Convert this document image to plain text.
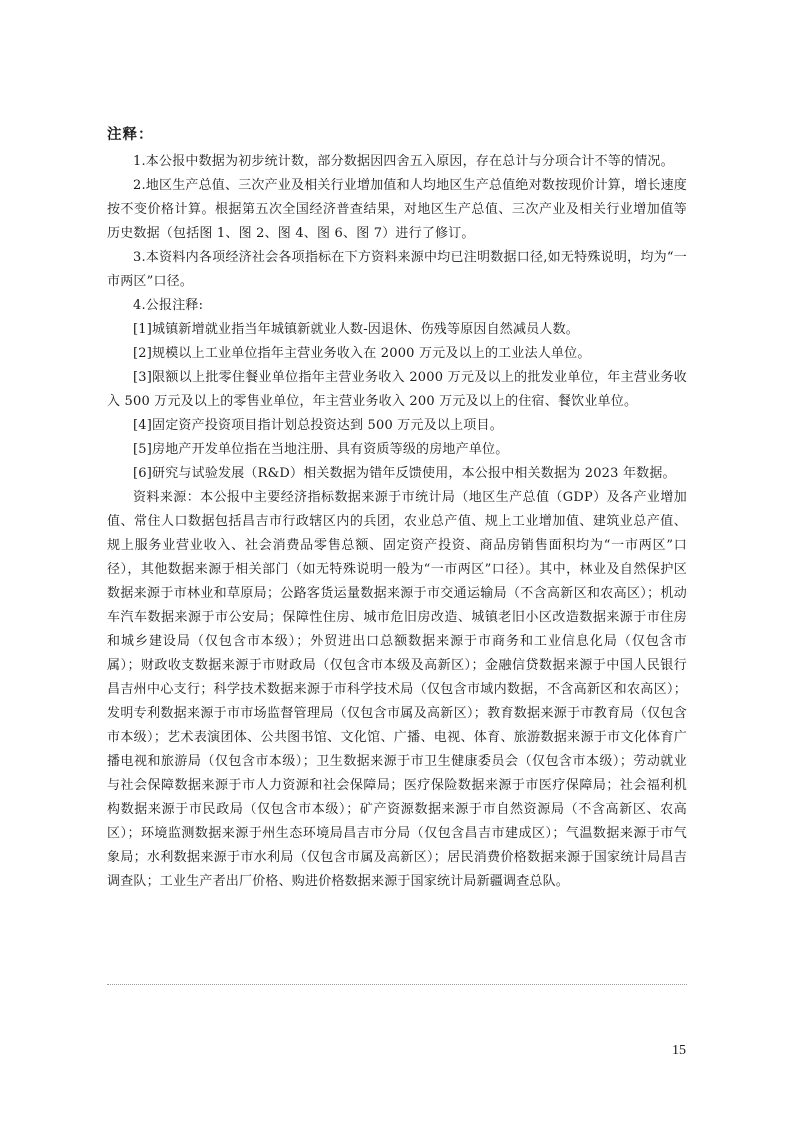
注释：

1.本公报中数据为初步统计数，部分数据因四舍五入原因，存在总计与分项合计不等的情况。

2.地区生产总值、三次产业及相关行业增加值和人均地区生产总值绝对数按现价计算，增长速度按不变价格计算。根据第五次全国经济普查结果，对地区生产总值、三次产业及相关行业增加值等历史数据（包括图 1、图 2、图 4、图 6、图 7）进行了修订。

3.本资料内各项经济社会各项指标在下方资料来源中均已注明数据口径,如无特殊说明，均为“一市两区”口径。

4.公报注释:

[1]城镇新增就业指当年城镇新就业人数-因退休、伤残等原因自然减员人数。

[2]规模以上工业单位指年主营业务收入在 2000 万元及以上的工业法人单位。

[3]限额以上批零住餐业单位指年主营业务收入 2000 万元及以上的批发业单位，年主营业务收入 500 万元及以上的零售业单位，年主营业务收入 200 万元及以上的住宿、餐饮业单位。

[4]固定资产投资项目指计划总投资达到 500 万元及以上项目。

[5]房地产开发单位指在当地注册、具有资质等级的房地产单位。

[6]研究与试验发展（R&D）相关数据为错年反馈使用，本公报中相关数据为 2023 年数据。

资料来源：本公报中主要经济指标数据来源于市统计局（地区生产总值（GDP）及各产业增加值、常住人口数据包括昌吉市行政辖区内的兵团，农业总产值、规上工业增加值、建筑业总产值、规上服务业营业收入、社会消费品零售总额、固定资产投资、商品房销售面积均为“一市两区”口径），其他数据来源于相关部门（如无特殊说明一般为“一市两区”口径）。其中，林业及自然保护区数据来源于市林业和草原局；公路客货运量数据来源于市交通运输局（不含高新区和农高区）；机动车汽车数据来源于市公安局；保障性住房、城市危旧房改造、城镇老旧小区改造数据来源于市住房和城乡建设局（仅包含市本级）；外贸进出口总额数据来源于市商务和工业信息化局（仅包含市属）；财政收支数据来源于市财政局（仅包含市本级及高新区）；金融信贷数据来源于中国人民银行昌吉州中心支行；科学技术数据来源于市科学技术局（仅包含市域内数据，不含高新区和农高区）；发明专利数据来源于市市场监督管理局（仅包含市属及高新区）；教育数据来源于市教育局（仅包含市本级）；艺术表演团体、公共图书馆、文化馆、广播、电视、体育、旅游数据来源于市文化体育广播电视和旅游局（仅包含市本级）；卫生数据来源于市卫生健康委员会（仅包含市本级）；劳动就业与社会保障数据来源于市人力资源和社会保障局；医疗保险数据来源于市医疗保障局；社会福利机构数据来源于市民政局（仅包含市本级）；矿产资源数据来源于市自然资源局（不含高新区、农高区）；环境监测数据来源于州生态环境局昌吉市分局（仅包含昌吉市建成区）；气温数据来源于市气象局；水利数据来源于市水利局（仅包含市属及高新区）；居民消费价格数据来源于国家统计局昌吉调查队；工业生产者出厂价格、购进价格数据来源于国家统计局新疆调查总队。

15
